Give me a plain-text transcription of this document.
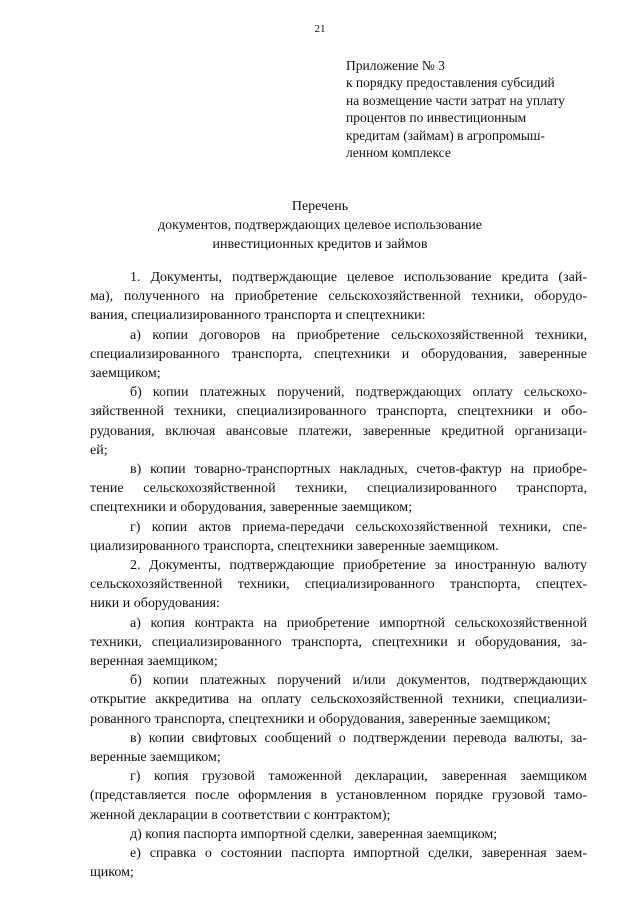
21
Приложение № 3
к порядку предоставления субсидий
на возмещение части затрат на уплату
процентов по инвестиционным
кредитам (займам) в агропромыш-
ленном комплексе
Перечень
документов, подтверждающих целевое использование
инвестиционных кредитов и займов
1. Документы, подтверждающие целевое использование кредита (зай-
ма), полученного на приобретение сельскохозяйственной техники, оборудо-
вания, специализированного транспорта и спецтехники:
а) копии договоров на приобретение сельскохозяйственной техники,
специализированного транспорта, спецтехники и оборудования, заверенные
заемщиком;
б) копии платежных поручений, подтверждающих оплату сельскохо-
зяйственной техники, специализированного транспорта, спецтехники и обо-
рудования, включая авансовые платежи, заверенные кредитной организаци-
ей;
в) копии товарно-транспортных накладных, счетов-фактур на приобре-
тение сельскохозяйственной техники, специализированного транспорта,
спецтехники и оборудования, заверенные заемщиком;
г) копии актов приема-передачи сельскохозяйственной техники, спе-
циализированного транспорта, спецтехники заверенные заемщиком.
2. Документы, подтверждающие приобретение за иностранную валюту
сельскохозяйственной техники, специализированного транспорта, спецтех-
ники и оборудования:
а) копия контракта на приобретение импортной сельскохозяйственной
техники, специализированного транспорта, спецтехники и оборудования, за-
веренная заемщиком;
б) копии платежных поручений и/или документов, подтверждающих
открытие аккредитива на оплату сельскохозяйственной техники, специализи-
рованного транспорта, спецтехники и оборудования, заверенные заемщиком;
в) копии свифтовых сообщений о подтверждении перевода валюты, за-
веренные заемщиком;
г) копия грузовой таможенной декларации, заверенная заемщиком
(представляется после оформления в установленном порядке грузовой тамо-
женной декларации в соответствии с контрактом);
д) копия паспорта импортной сделки, заверенная заемщиком;
е) справка о состоянии паспорта импортной сделки, заверенная заем-
щиком;
